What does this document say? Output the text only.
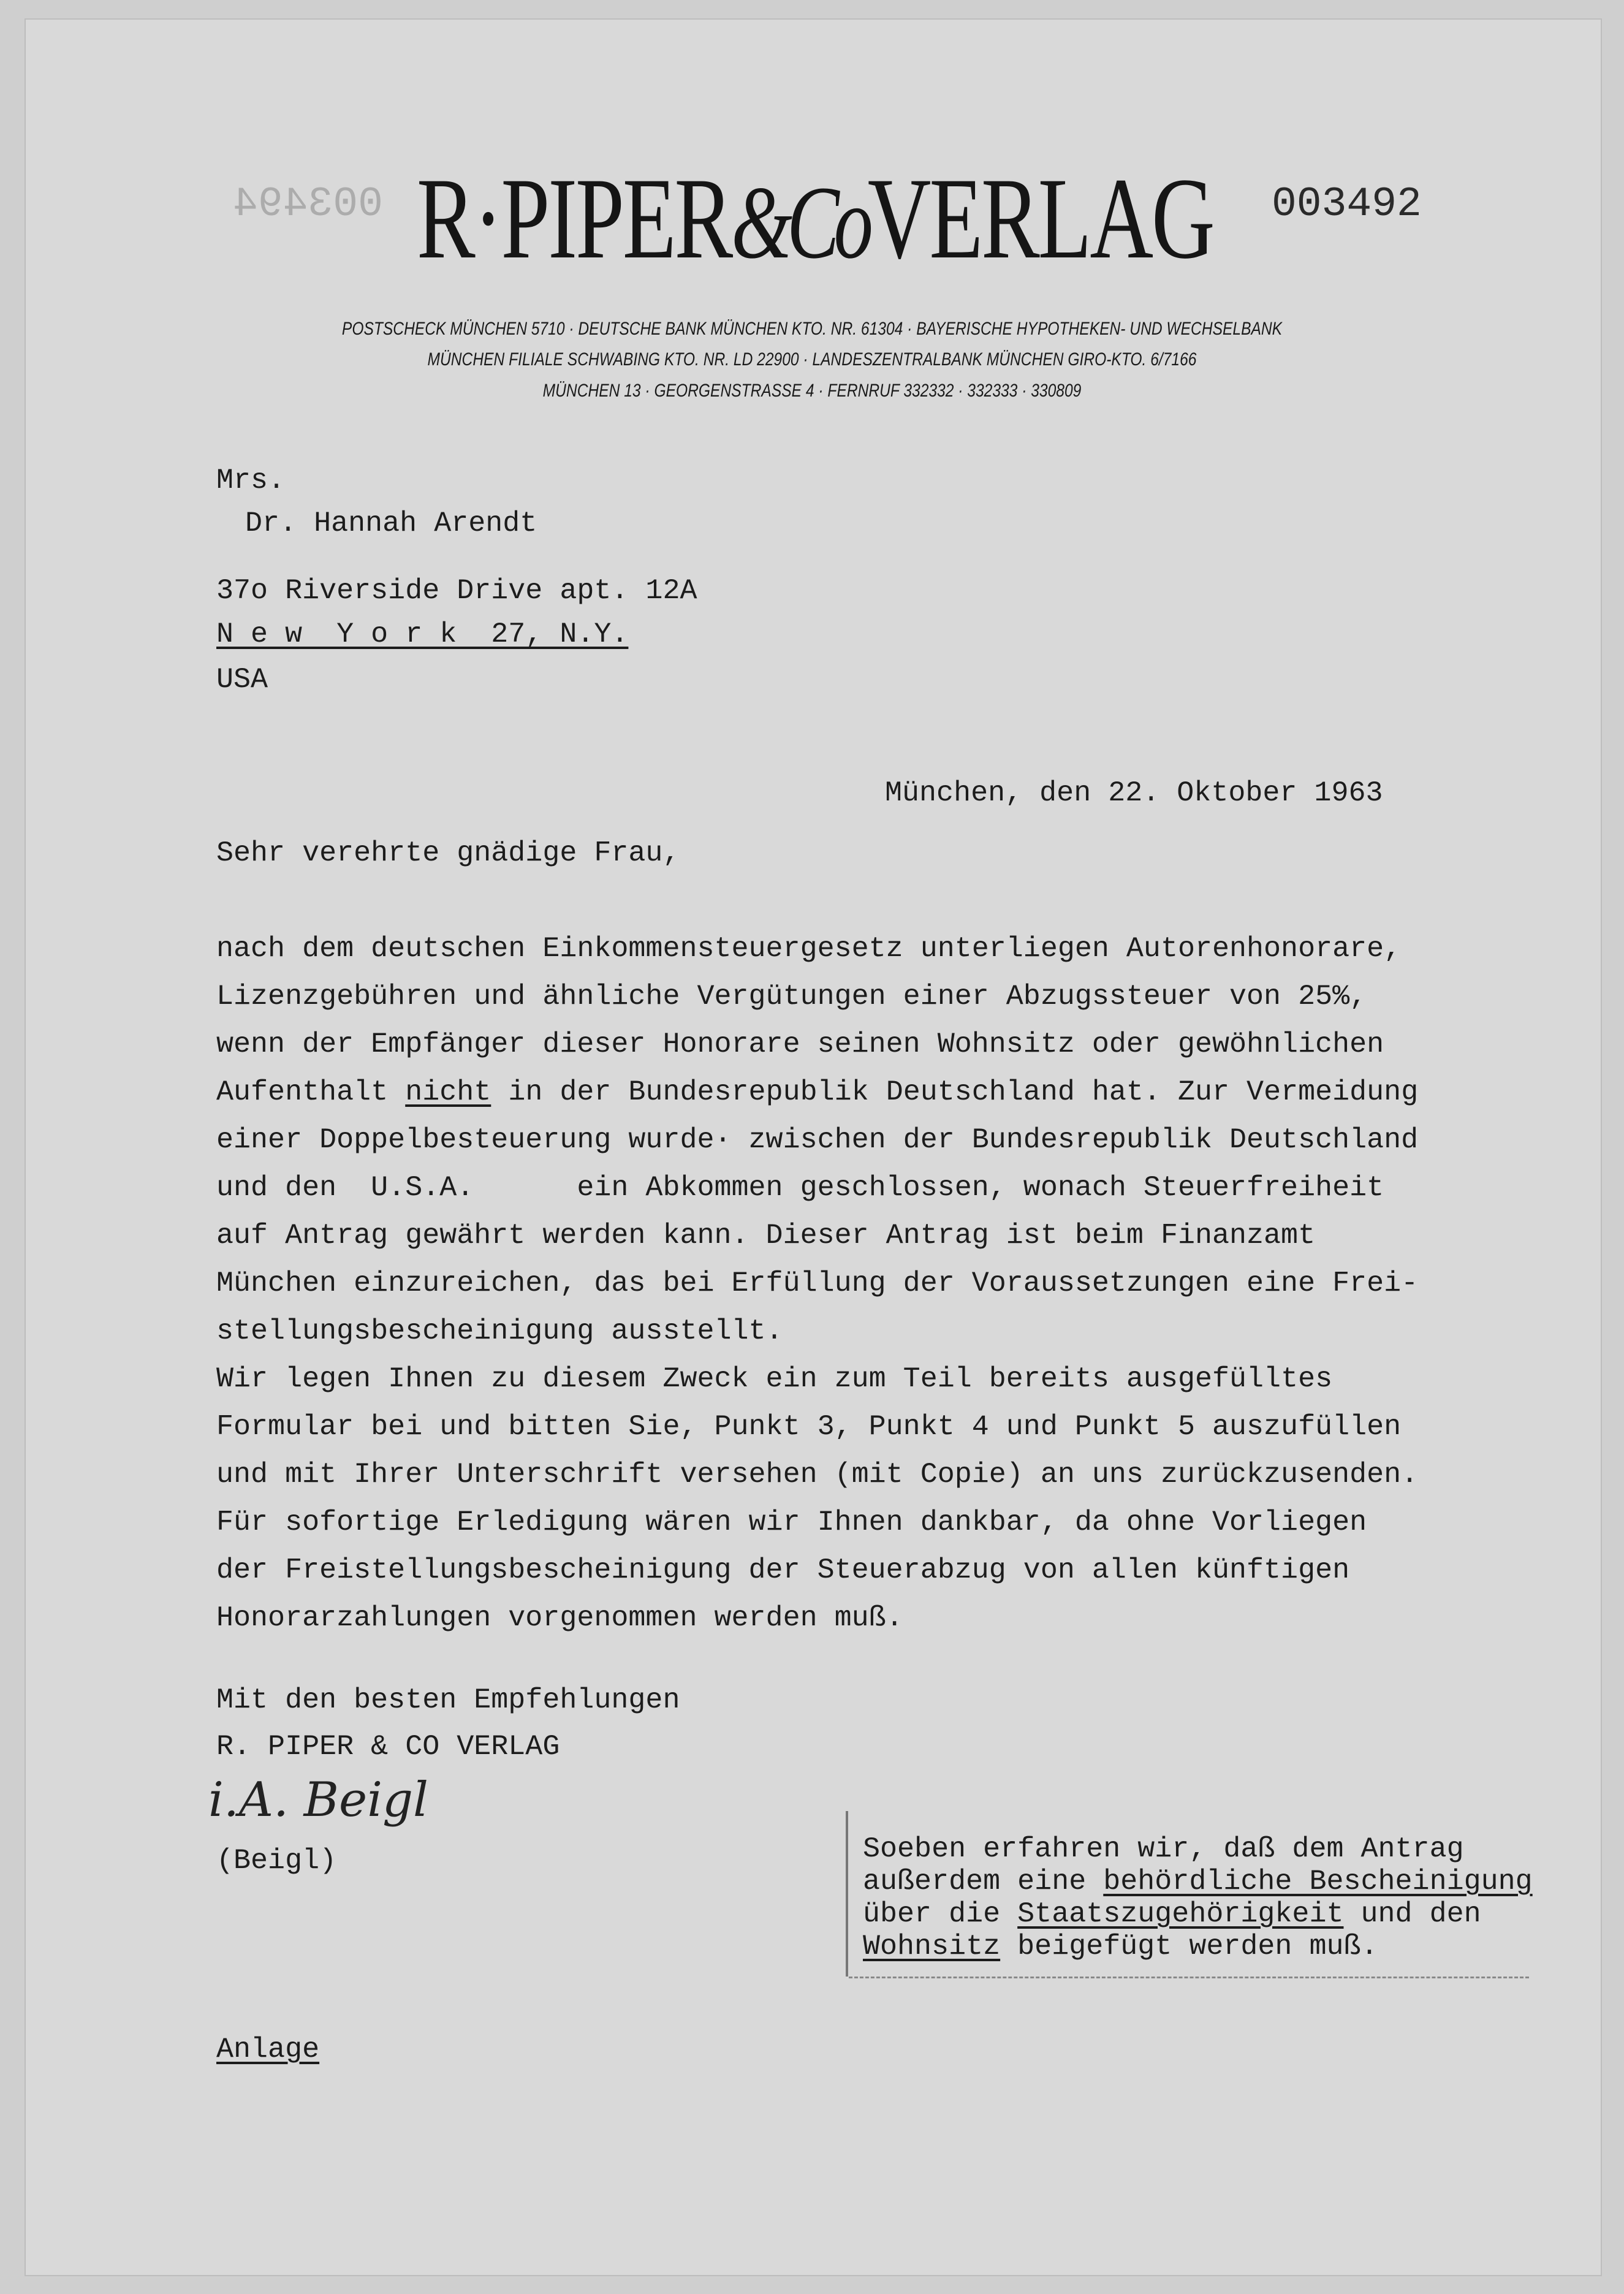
003494 R·PIPER&CoVERLAG 003492
POSTSCHECK MÜNCHEN 5710 · DEUTSCHE BANK MÜNCHEN KTO. NR. 61304 · BAYERISCHE HYPOTHEKEN- UND WECHSELBANK
MÜNCHEN FILIALE SCHWABING KTO. NR. LD 22900 · LANDESZENTRALBANK MÜNCHEN GIRO-KTO. 6/7166
MÜNCHEN 13 · GEORGENSTRASSE 4 · FERNRUF 332332 · 332333 · 330809
Mrs.
Dr. Hannah Arendt
37o Riverside Drive apt. 12A
N e w  Y o r k  27, N.Y.
USA
München, den 22. Oktober 1963
Sehr verehrte gnädige Frau,
nach dem deutschen Einkommensteuergesetz unterliegen Autorenhonorare,
Lizenzgebühren und ähnliche Vergütungen einer Abzugssteuer von 25%,
wenn der Empfänger dieser Honorare seinen Wohnsitz oder gewöhnlichen
Aufenthalt nicht in der Bundesrepublik Deutschland hat. Zur Vermeidung
einer Doppelbesteuerung wurde· zwischen der Bundesrepublik Deutschland
und den  U.S.A.      ein Abkommen geschlossen, wonach Steuerfreiheit
auf Antrag gewährt werden kann. Dieser Antrag ist beim Finanzamt
München einzureichen, das bei Erfüllung der Voraussetzungen eine Frei-
stellungsbescheinigung ausstellt.
Wir legen Ihnen zu diesem Zweck ein zum Teil bereits ausgefülltes
Formular bei und bitten Sie, Punkt 3, Punkt 4 und Punkt 5 auszufüllen
und mit Ihrer Unterschrift versehen (mit Copie) an uns zurückzusenden.
Für sofortige Erledigung wären wir Ihnen dankbar, da ohne Vorliegen
der Freistellungsbescheinigung der Steuerabzug von allen künftigen
Honorarzahlungen vorgenommen werden muß.
Mit den besten Empfehlungen
R. PIPER & CO VERLAG
i.A. Beigl
(Beigl)	Soeben erfahren wir, daß dem Antrag
außerdem eine behördliche Bescheinigung
über die Staatszugehörigkeit und den
Wohnsitz beigefügt werden muß.
Anlage
